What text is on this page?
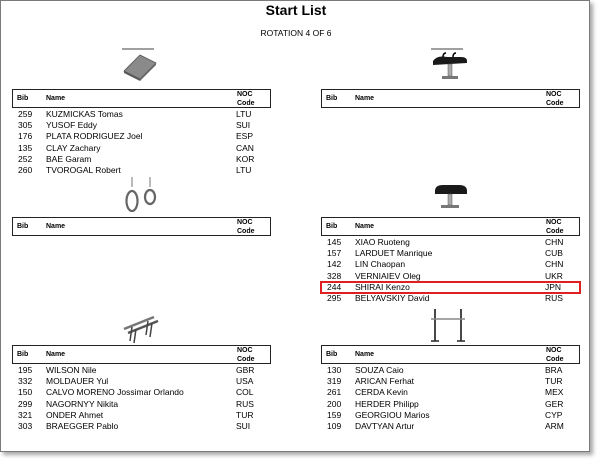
Start List
ROTATION 4 OF 6
Bib	Name
NOC
Code
259 KUZMICKAS Tomas	LTU
305 YUSOF Eddy	SUI
176 PLATA RODRIGUEZ Joel	ESP
135 CLAY Zachary	CAN
252 BAE Garam	KOR
260 TVOROGAL Robert	LTU
Bib	Name
NOC
Code
Bib	Name
NOC
Code
Bib	Name
NOC
Code
145 XIAO Ruoteng	CHN
157 LARDUET Manrique	CUB
142 LIN Chaopan	CHN
328 VERNIAIEV Oleg	UKR
244 SHIRAI Kenzo	JPN
295 BELYAVSKIY David	RUS
Bib	Name
NOC
Code
195 WILSON Nile	GBR
332 MOLDAUER Yul	USA
150 CALVO MORENO Jossimar Orlando	COL
299 NAGORNYY Nikita	RUS
321 ONDER Ahmet	TUR
303 BRAEGGER Pablo	SUI
Bib	Name
NOC
Code
130 SOUZA Caio	BRA
319 ARICAN Ferhat	TUR
261 CERDA Kevin	MEX
200 HERDER Philipp	GER
159 GEORGIOU Marios	CYP
109 DAVTYAN Artur	ARM
